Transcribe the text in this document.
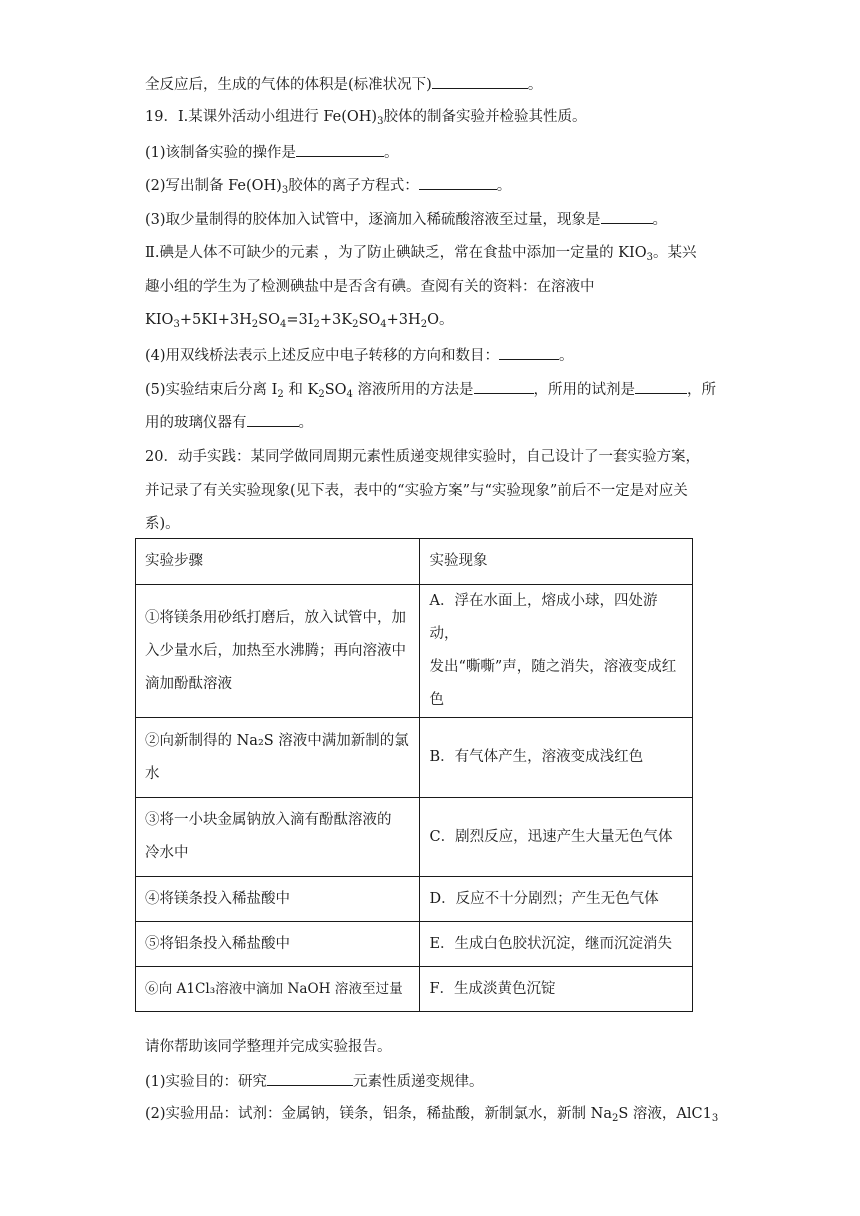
全反应后，生成的气体的体积是(标准状况下)	。
19．I.某课外活动小组进行 $Fe(OH)_3$胶体的制备实验并检验其性质。
(1)该制备实验的操作是	。
(2)写出制备 $Fe(OH)_3$胶体的离子方程式：	。
(3)取少量制得的胶体加入试管中，逐滴加入稀硫酸溶液至过量，现象是	。
Ⅱ.碘是人体不可缺少的元素 ，为了防止碘缺乏，常在食盐中添加一定量的 $KIO_3$。某兴
趣小组的学生为了检测碘盐中是否含有碘。查阅有关的资料：在溶液中
$KIO_3+5KI+3H_2SO_4=3I_2+3K_2SO_4+3H_2O$。
(4)用双线桥法表示上述反应中电子转移的方向和数目：	。
(5)实验结束后分离 $I_2$ 和 $K_2SO_4$ 溶液所用的方法是	，所用的试剂是	，所
用的玻璃仪器有	。
20．动手实践：某同学做同周期元素性质递变规律实验时，自己设计了一套实验方案，
并记录了有关实验现象(见下表，表中的“实验方案”与“实验现象”前后不一定是对应关
系)。
实验步骤	实验现象

①将镁条用砂纸打磨后，放入试管中，加
入少量水后，加热至水沸腾；再向溶液中
滴加酚酞溶液	A．浮在水面上，熔成小球，四处游动，
发出“嘶嘶”声，随之消失，溶液变成红
色

②向新制得的 Na₂S 溶液中满加新制的氯
水	B．有气体产生，溶液变成浅红色

③将一小块金属钠放入滴有酚酞溶液的
冷水中	C．剧烈反应，迅速产生大量无色气体

④将镁条投入稀盐酸中	D．反应不十分剧烈；产生无色气体

⑤将铝条投入稀盐酸中	E．生成白色胶状沉淀，继而沉淀消失

⑥向 A1Cl₃溶液中滴加 NaOH 溶液至过量	F．生成淡黄色沉锭
请你帮助该同学整理并完成实验报告。
(1)实验目的：研究	元素性质递变规律。
(2)实验用品：试剂：金属钠，镁条，铝条，稀盐酸，新制氯水，新制 $Na_2S$ 溶液，$AlC1_3$
